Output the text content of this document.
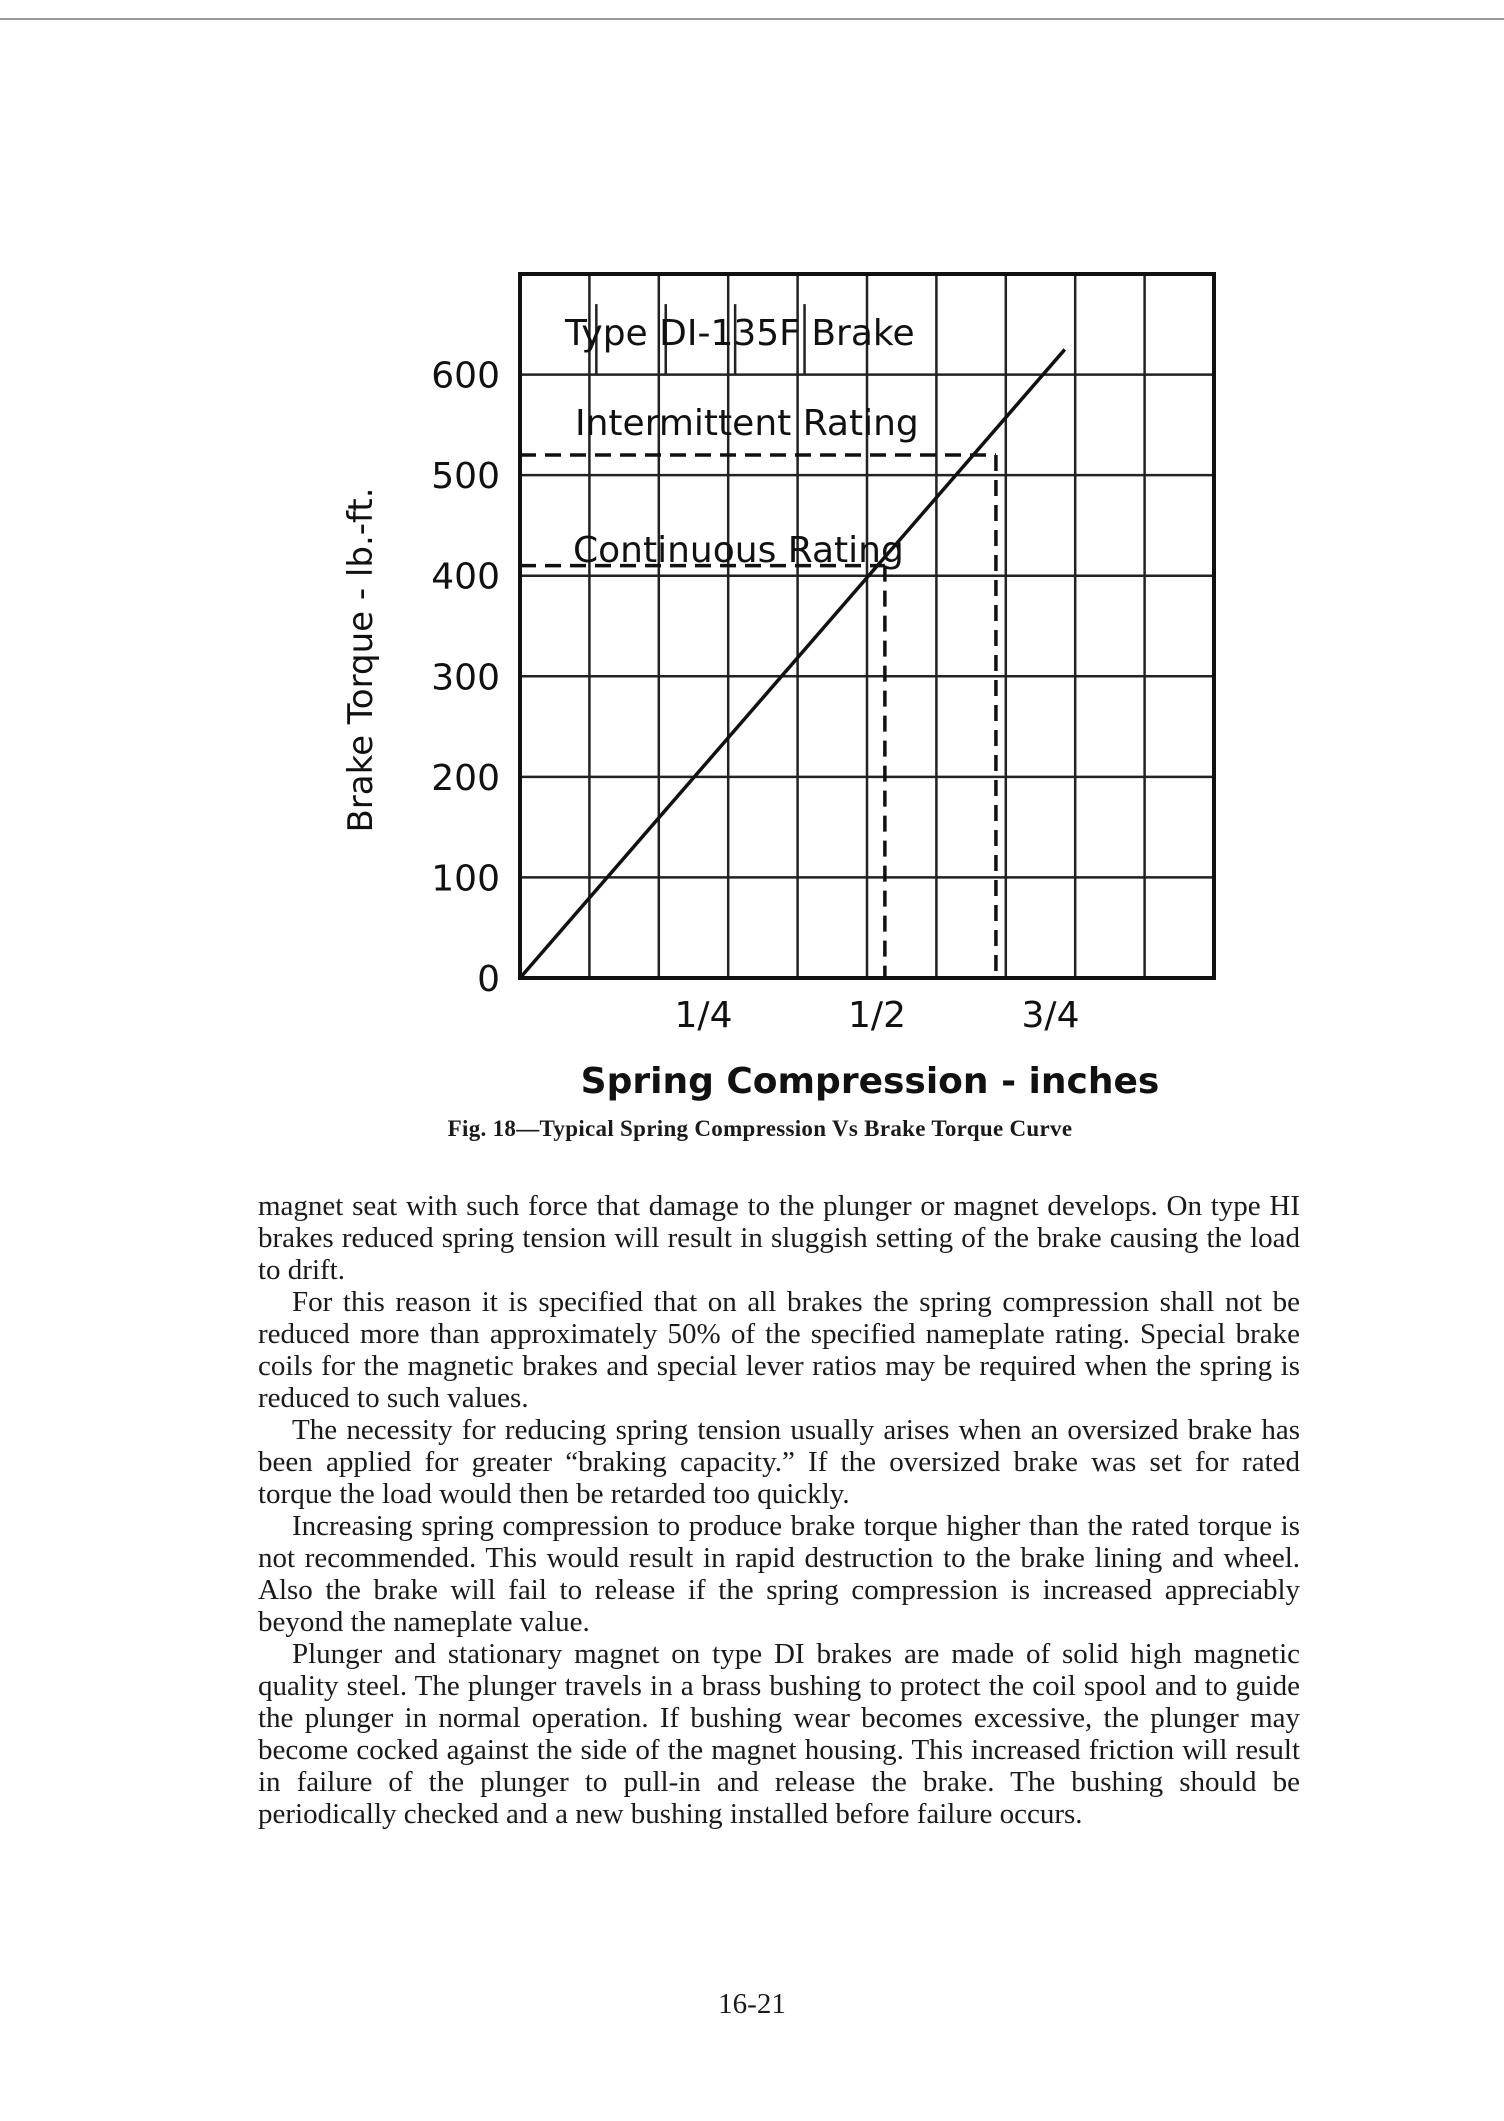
0
100
200
300
400
500
600
1/4	1/2	3/4
Type DI-135F Brake
Intermittent Rating
Continuous Rating
Brake Torque - lb.-ft.
Spring Compression - inches
Fig. 18—Typical Spring Compression Vs Brake Torque Curve

magnet seat with such force that damage to the plunger or magnet develops. On type HI brakes reduced spring tension will result in sluggish setting of the brake causing the load to drift.

For this reason it is specified that on all brakes the spring compression shall not be reduced more than approximately 50% of the specified nameplate rating. Special brake coils for the magnetic brakes and special lever ratios may be required when the spring is reduced to such values.

The necessity for reducing spring tension usually arises when an oversized brake has been applied for greater “braking capacity.” If the oversized brake was set for rated torque the load would then be retarded too quickly.

Increasing spring compression to produce brake torque higher than the rated torque is not recommended. This would result in rapid destruction to the brake lining and wheel. Also the brake will fail to release if the spring compression is increased appreciably beyond the nameplate value.

Plunger and stationary magnet on type DI brakes are made of solid high magnetic quality steel. The plunger travels in a brass bushing to protect the coil spool and to guide the plunger in normal operation. If bushing wear becomes excessive, the plunger may become cocked against the side of the magnet housing. This increased friction will result in failure of the plunger to pull-in and release the brake. The bushing should be periodically checked and a new bushing installed before failure occurs.

16-21
